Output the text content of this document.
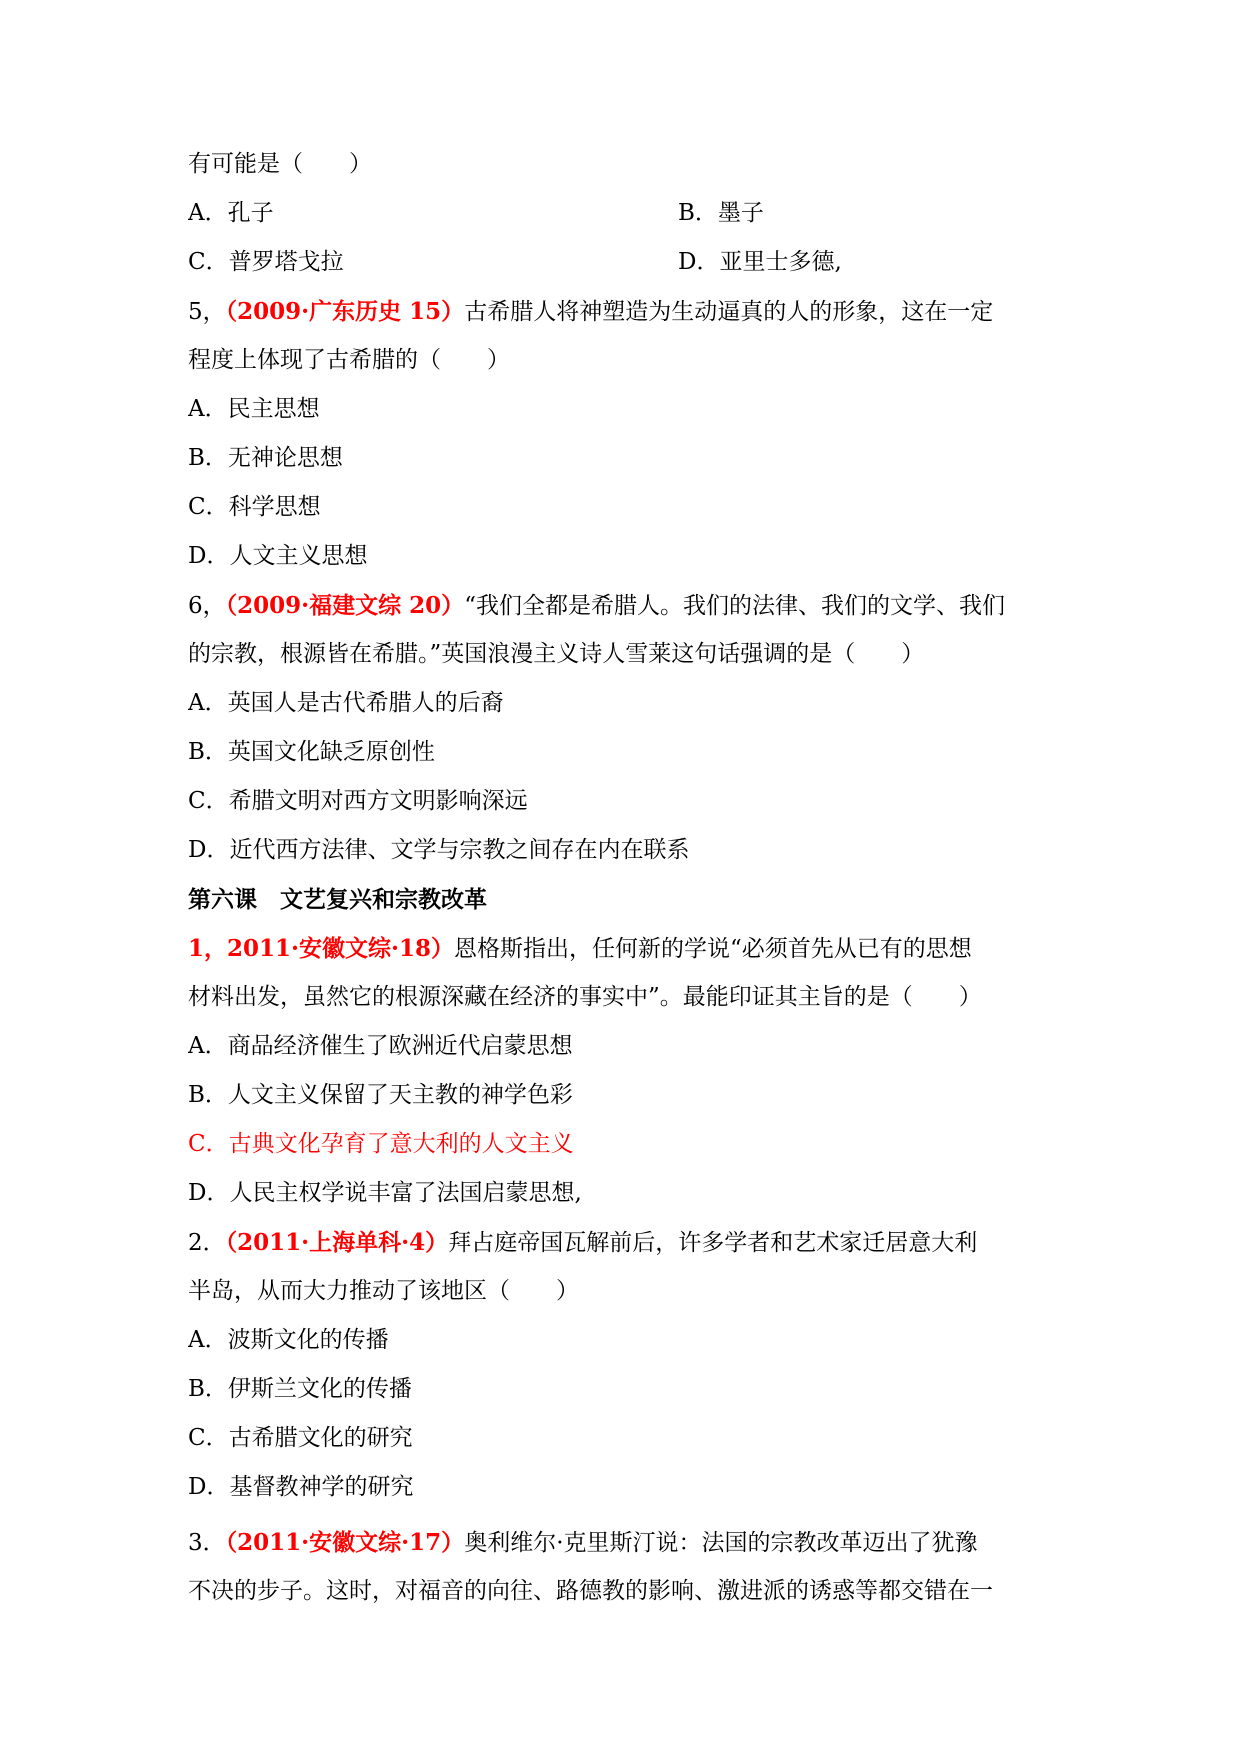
有可能是（　　）
A．孔子	B．墨子
C．普罗塔戈拉	D．亚里士多德,
5，（2009·广东历史 15）古希腊人将神塑造为生动逼真的人的形象，这在一定
程度上体现了古希腊的（　　）
A．民主思想
B．无神论思想
C．科学思想
D．人文主义思想
6，（2009·福建文综 20）“我们全都是希腊人。我们的法律、我们的文学、我们
的宗教，根源皆在希腊。”英国浪漫主义诗人雪莱这句话强调的是（　　）
A．英国人是古代希腊人的后裔
B．英国文化缺乏原创性
C．希腊文明对西方文明影响深远
D．近代西方法律、文学与宗教之间存在内在联系
第六课　文艺复兴和宗教改革
1，2011·安徽文综·18）恩格斯指出，任何新的学说“必须首先从已有的思想
材料出发，虽然它的根源深藏在经济的事实中”。最能印证其主旨的是（　　）
A．商品经济催生了欧洲近代启蒙思想
B．人文主义保留了天主教的神学色彩
C．古典文化孕育了意大利的人文主义
D．人民主权学说丰富了法国启蒙思想,
2．（2011·上海单科·4）拜占庭帝国瓦解前后，许多学者和艺术家迁居意大利
半岛，从而大力推动了该地区（　　）
A．波斯文化的传播
B．伊斯兰文化的传播
C．古希腊文化的研究
D．基督教神学的研究
3．（2011·安徽文综·17）奥利维尔·克里斯汀说：法国的宗教改革迈出了犹豫
不决的步子。这时，对福音的向往、路德教的影响、激进派的诱惑等都交错在一
